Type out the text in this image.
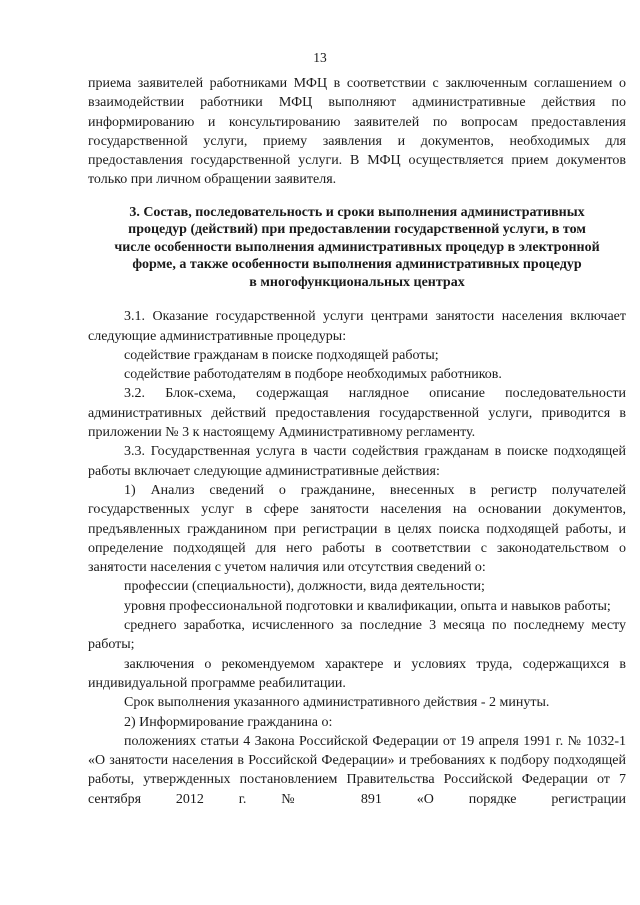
13

приема заявителей работниками МФЦ в соответствии с заключенным соглашением о взаимодействии работники МФЦ выполняют административные действия по информированию и консультированию заявителей по вопросам предоставления государственной услуги, приему заявления и документов, необходимых для предоставления государственной услуги. В МФЦ осуществляется прием документов только при личном обращении заявителя.

3. Состав, последовательность и сроки выполнения административных
процедур (действий) при предоставлении государственной услуги, в том
числе особенности выполнения административных процедур в электронной
форме, а также особенности выполнения административных процедур
в многофункциональных центрах

3.1. Оказание государственной услуги центрами занятости населения включает следующие административные процедуры:

содействие гражданам в поиске подходящей работы;

содействие работодателям в подборе необходимых работников.

3.2. Блок-схема, содержащая наглядное описание последовательности административных действий предоставления государственной услуги, приводится в приложении № 3 к настоящему Административному регламенту.

3.3. Государственная услуга в части содействия гражданам в поиске подходящей работы включает следующие административные действия:

1) Анализ сведений о гражданине, внесенных в регистр получателей государственных услуг в сфере занятости населения на основании документов, предъявленных гражданином при регистрации в целях поиска подходящей работы, и определение подходящей для него работы в соответствии с законодательством о занятости населения с учетом наличия или отсутствия сведений о:

профессии (специальности), должности, вида деятельности;

уровня профессиональной подготовки и квалификации, опыта и навыков работы;

среднего заработка, исчисленного за последние 3 месяца по последнему месту работы;

заключения о рекомендуемом характере и условиях труда, содержащихся в индивидуальной программе реабилитации.

Срок выполнения указанного административного действия - 2 минуты.

2) Информирование гражданина о:

положениях статьи 4 Закона Российской Федерации от 19 апреля 1991 г. № 1032-1 «О занятости населения в Российской Федерации» и требованиях к подбору подходящей работы, утвержденных постановлением Правительства Российской Федерации от 7 сентября 2012 г. № 891 «О порядке регистрации
